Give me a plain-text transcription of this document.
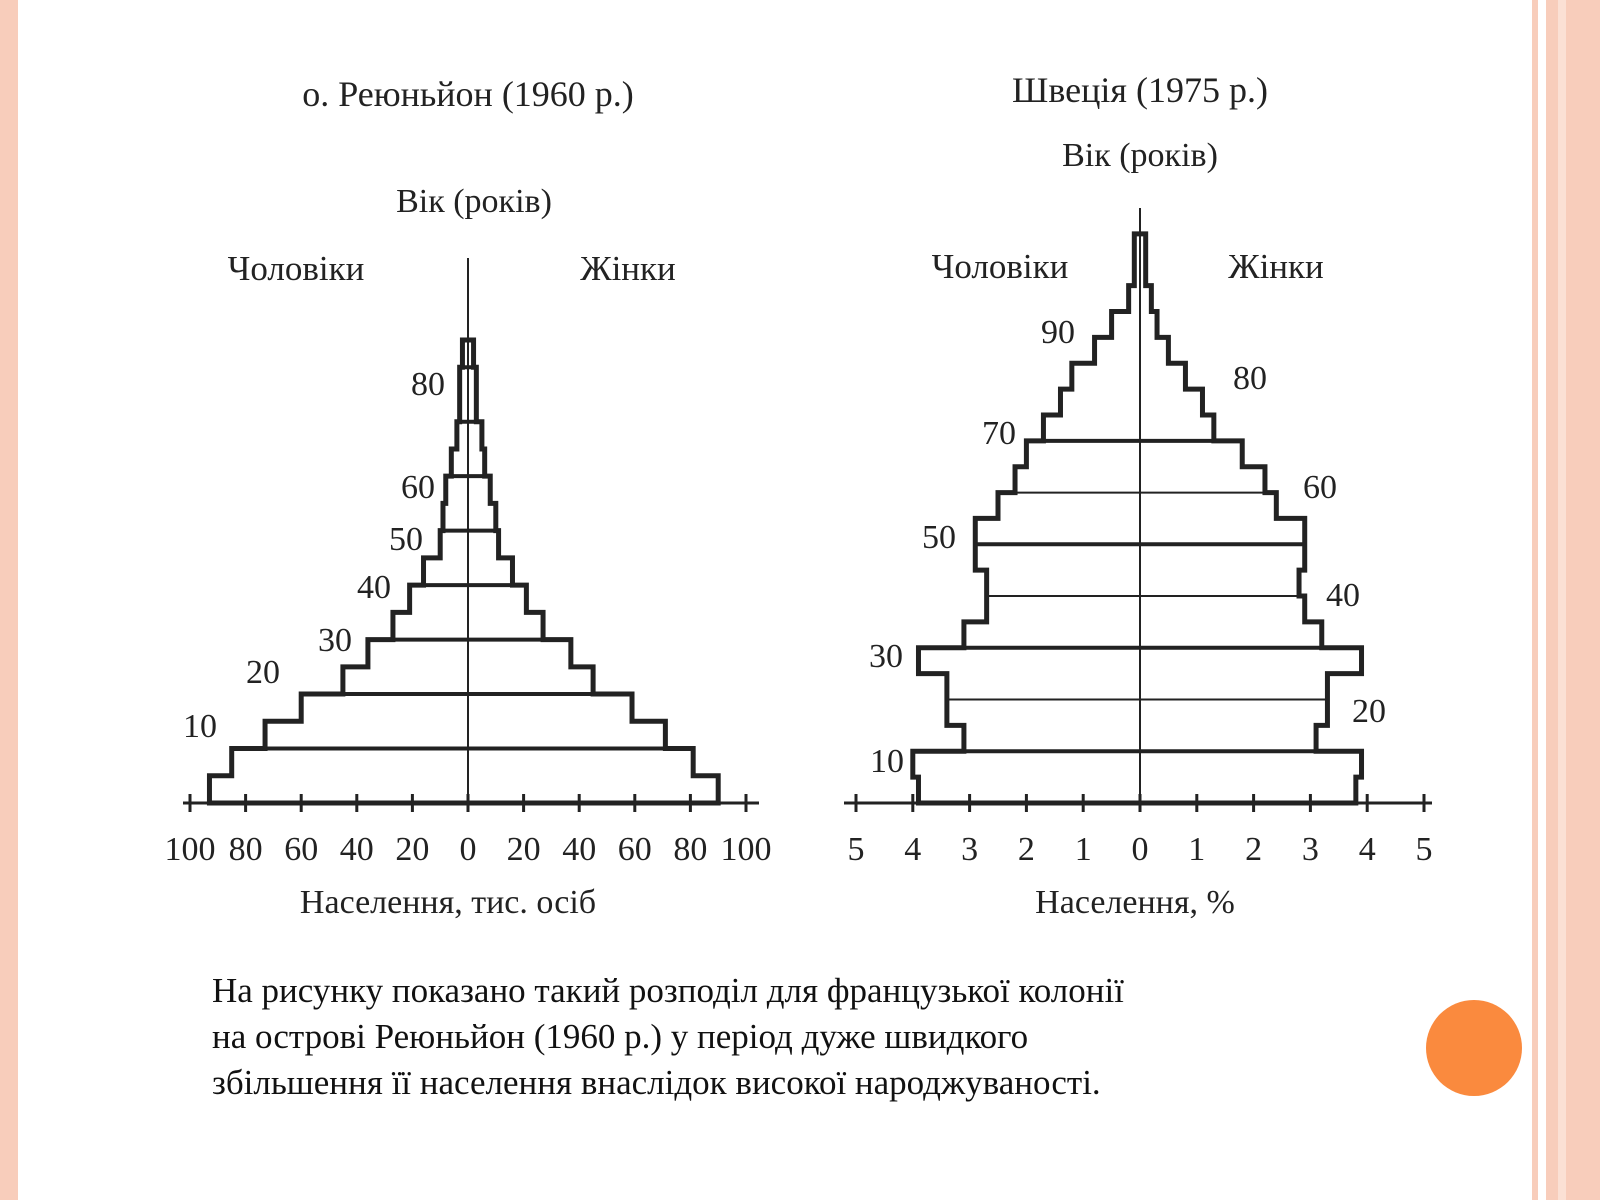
о. Реюньйон (1960 р.)
Вік (років)
Чоловіки	Жінки
Населення, тис. осіб
100 80 60 40 20 0 20 40 60 80 100
10
20
30
40
50
60
80
Швеція (1975 р.)
Вік (років)
Чоловіки	Жінки
Населення, %
5 4 3 2 1 0 1 2 3 4 5
10
20
30
40
50
60
70
80
90
На рисунку показано такий розподіл для французької колонії
на острові Реюньйон (1960 р.) у період дуже швидкого
збільшення її населення внаслідок високої народжуваності.
